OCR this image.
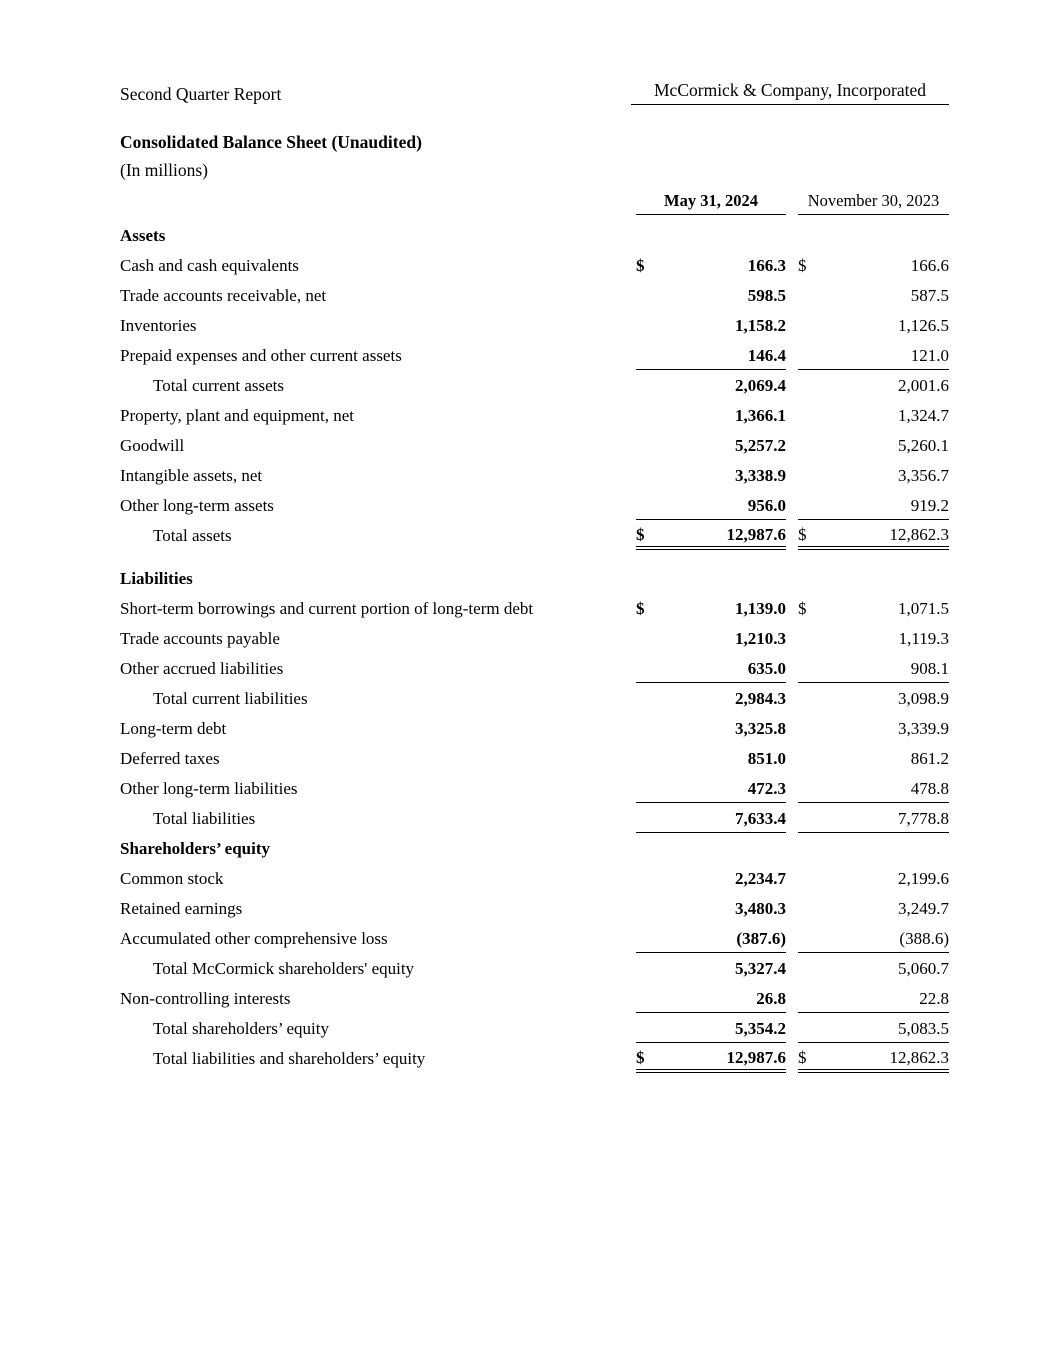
Second Quarter Report	McCormick & Company, Incorporated
Consolidated Balance Sheet (Unaudited)
(In millions)
May 31, 2024	November 30, 2023
Assets
Cash and cash equivalents	$	166.3 $	166.6
Trade accounts receivable, net	598.5	587.5
Inventories	1,158.2	1,126.5
Prepaid expenses and other current assets	146.4	121.0
Total current assets	2,069.4	2,001.6
Property, plant and equipment, net	1,366.1	1,324.7
Goodwill	5,257.2	5,260.1
Intangible assets, net	3,338.9	3,356.7
Other long-term assets	956.0	919.2
Total assets	$	12,987.6 $	12,862.3
Liabilities
Short-term borrowings and current portion of long-term debt	$	1,139.0 $	1,071.5
Trade accounts payable	1,210.3	1,119.3
Other accrued liabilities	635.0	908.1
Total current liabilities	2,984.3	3,098.9
Long-term debt	3,325.8	3,339.9
Deferred taxes	851.0	861.2
Other long-term liabilities	472.3	478.8
Total liabilities	7,633.4	7,778.8
Shareholders’ equity
Common stock	2,234.7	2,199.6
Retained earnings	3,480.3	3,249.7
Accumulated other comprehensive loss	(387.6)	(388.6)
Total McCormick shareholders' equity	5,327.4	5,060.7
Non-controlling interests	26.8	22.8
Total shareholders’ equity	5,354.2	5,083.5
Total liabilities and shareholders’ equity	$	12,987.6 $	12,862.3
